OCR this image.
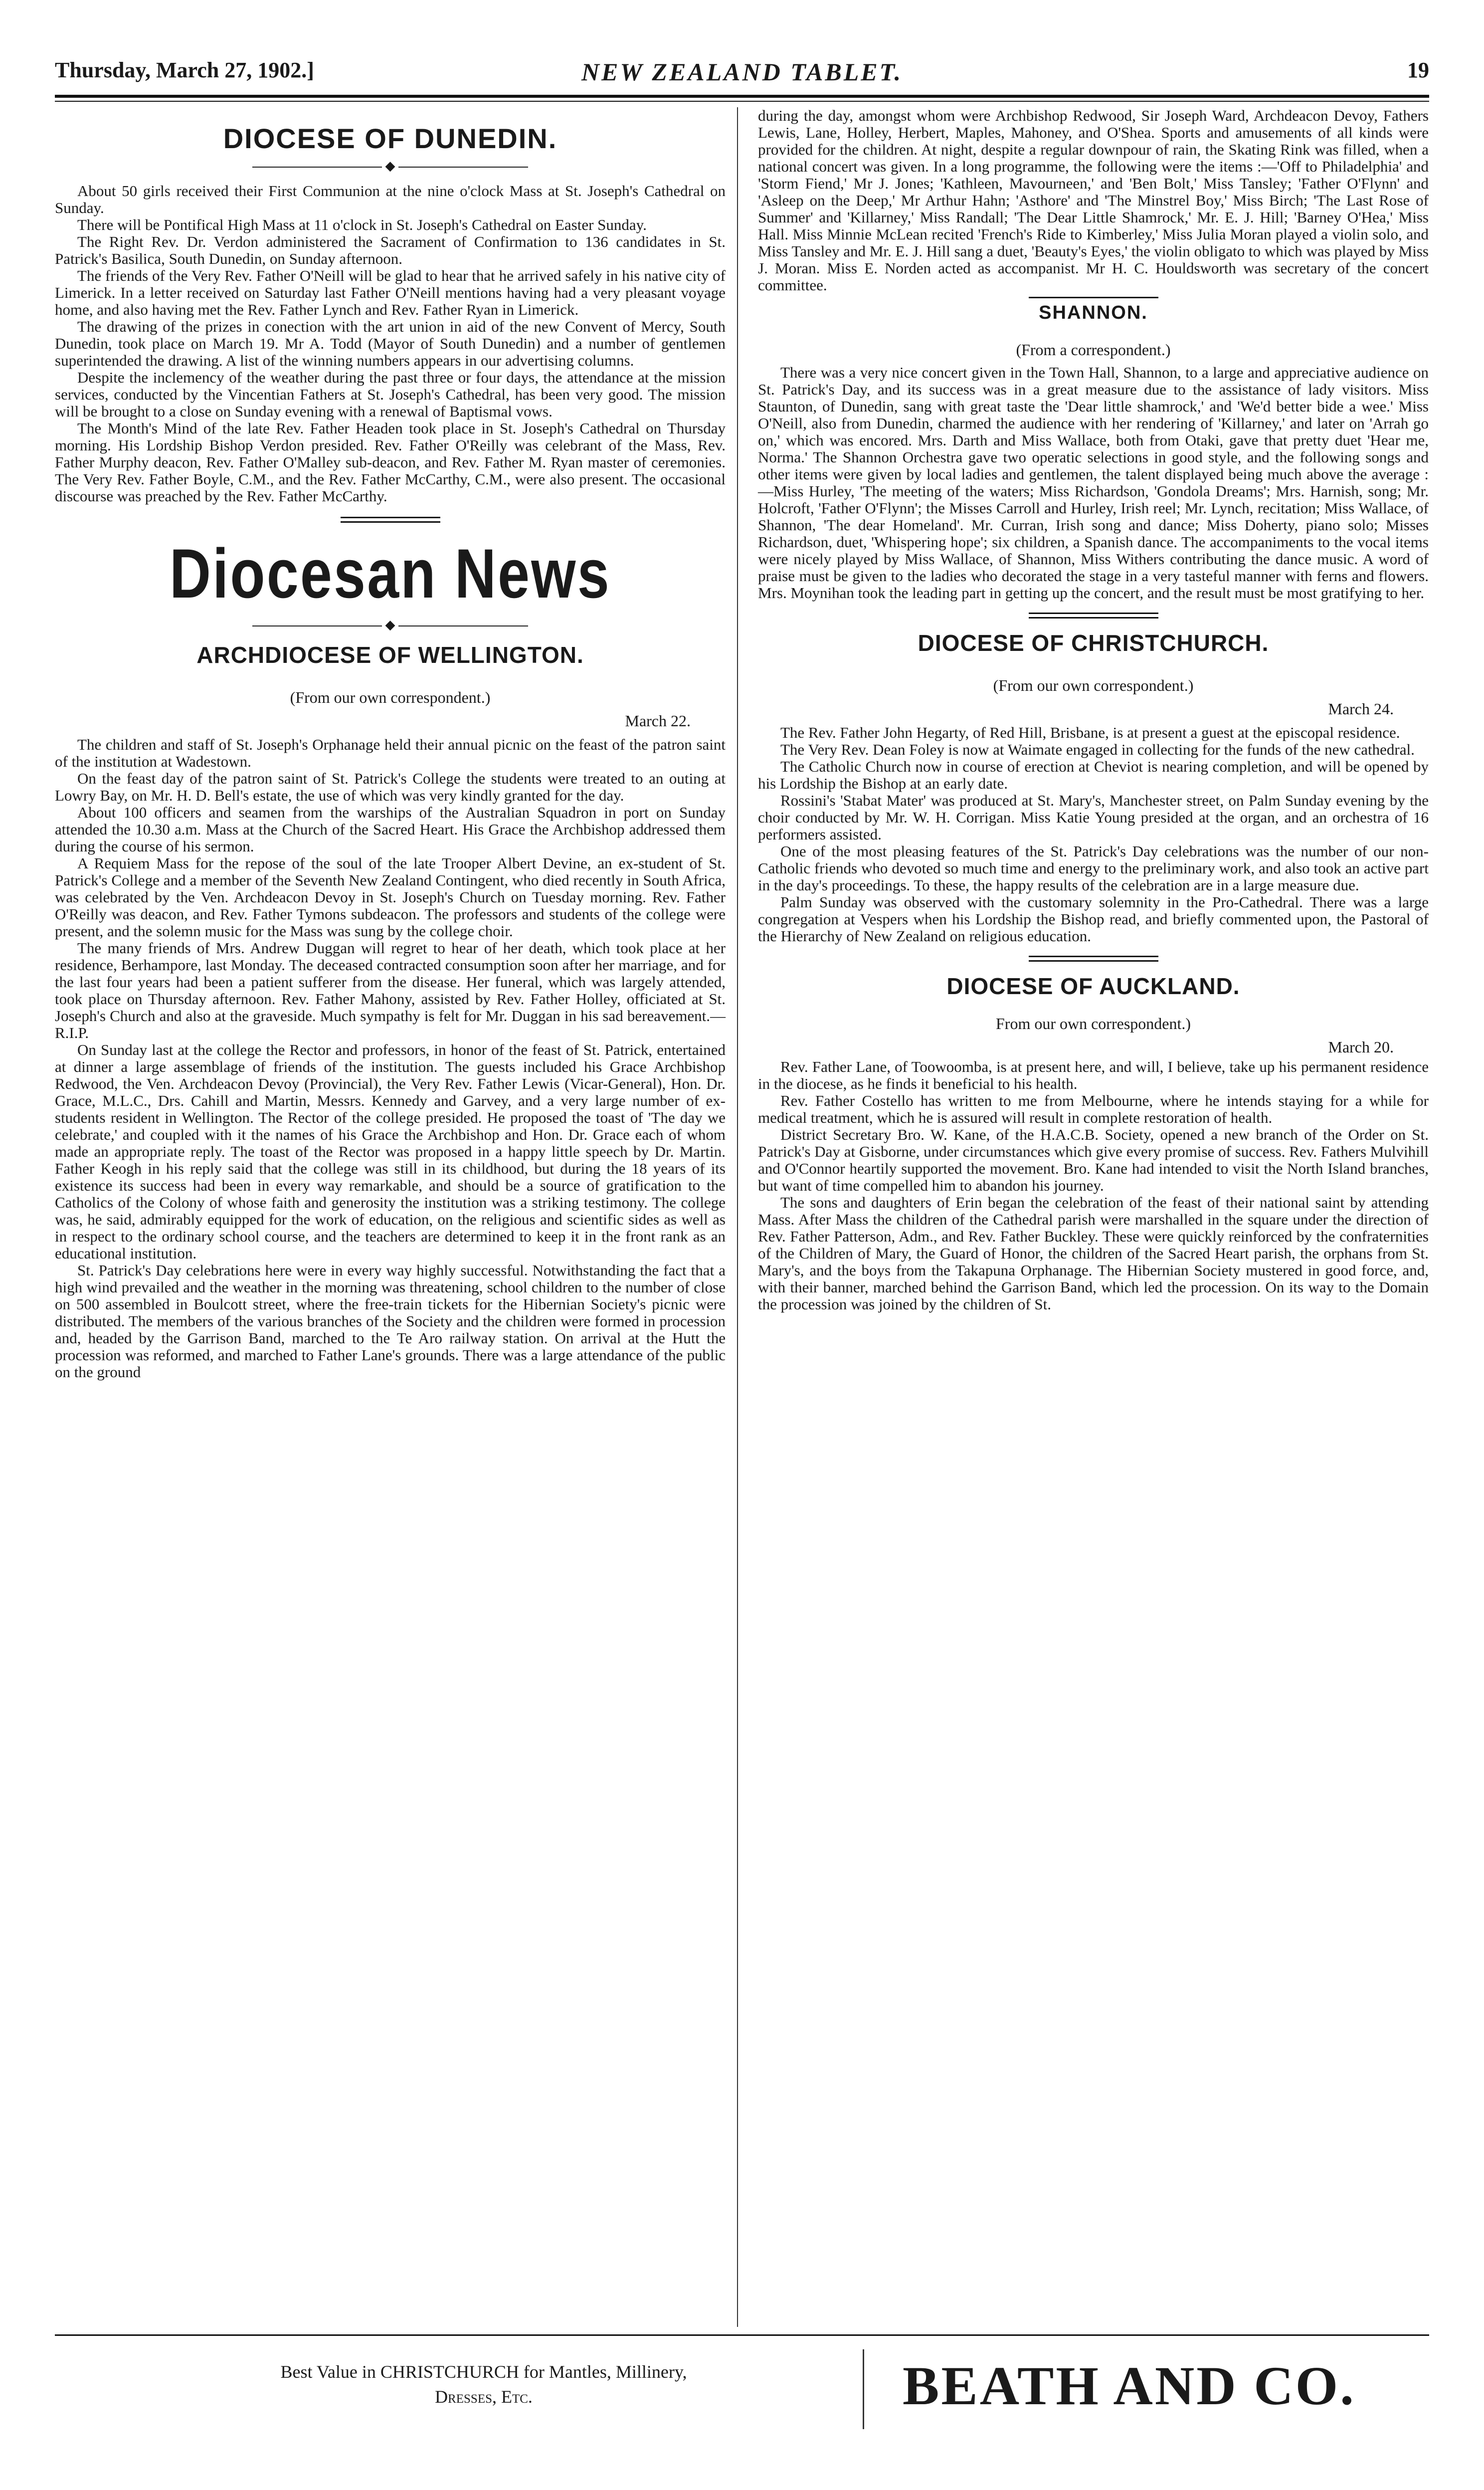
Thursday, March 27, 1902.]	NEW ZEALAND TABLET.	19
DIOCESE OF DUNEDIN.
◆

About 50 girls received their First Communion at the nine o'clock Mass at St. Joseph's Cathedral on Sunday.

There will be Pontifical High Mass at 11 o'clock in St. Joseph's Cathedral on Easter Sunday.

The Right Rev. Dr. Verdon administered the Sacrament of Confirmation to 136 candidates in St. Patrick's Basilica, South Dunedin, on Sunday afternoon.

The friends of the Very Rev. Father O'Neill will be glad to hear that he arrived safely in his native city of Limerick. In a letter received on Saturday last Father O'Neill mentions having had a very pleasant voyage home, and also having met the Rev. Father Lynch and Rev. Father Ryan in Limerick.

The drawing of the prizes in conection with the art union in aid of the new Convent of Mercy, South Dunedin, took place on March 19. Mr A. Todd (Mayor of South Dunedin) and a number of gentlemen superintended the drawing. A list of the winning numbers appears in our advertising columns.

Despite the inclemency of the weather during the past three or four days, the attendance at the mission services, conducted by the Vincentian Fathers at St. Joseph's Cathedral, has been very good. The mission will be brought to a close on Sunday evening with a renewal of Baptismal vows.

The Month's Mind of the late Rev. Father Headen took place in St. Joseph's Cathedral on Thursday morning. His Lordship Bishop Verdon presided. Rev. Father O'Reilly was celebrant of the Mass, Rev. Father Murphy deacon, Rev. Father O'Malley sub-deacon, and Rev. Father M. Ryan master of ceremonies. The Very Rev. Father Boyle, C.M., and the Rev. Father McCarthy, C.M., were also present. The occasional discourse was preached by the Rev. Father McCarthy.

Diocesan News
◆
ARCHDIOCESE OF WELLINGTON.
(From our own correspondent.)
March 22.

The children and staff of St. Joseph's Orphanage held their annual picnic on the feast of the patron saint of the institution at Wadestown.

On the feast day of the patron saint of St. Patrick's College the students were treated to an outing at Lowry Bay, on Mr. H. D. Bell's estate, the use of which was very kindly granted for the day.

About 100 officers and seamen from the warships of the Australian Squadron in port on Sunday attended the 10.30 a.m. Mass at the Church of the Sacred Heart. His Grace the Archbishop addressed them during the course of his sermon.

A Requiem Mass for the repose of the soul of the late Trooper Albert Devine, an ex-student of St. Patrick's College and a member of the Seventh New Zealand Contingent, who died recently in South Africa, was celebrated by the Ven. Archdeacon Devoy in St. Joseph's Church on Tuesday morning. Rev. Father O'Reilly was deacon, and Rev. Father Tymons subdeacon. The professors and students of the college were present, and the solemn music for the Mass was sung by the college choir.

The many friends of Mrs. Andrew Duggan will regret to hear of her death, which took place at her residence, Berhampore, last Monday. The deceased contracted consumption soon after her marriage, and for the last four years had been a patient sufferer from the disease. Her funeral, which was largely attended, took place on Thursday afternoon. Rev. Father Mahony, assisted by Rev. Father Holley, officiated at St. Joseph's Church and also at the graveside. Much sympathy is felt for Mr. Duggan in his sad bereavement.—R.I.P.

On Sunday last at the college the Rector and professors, in honor of the feast of St. Patrick, entertained at dinner a large assemblage of friends of the institution. The guests included his Grace Archbishop Redwood, the Ven. Archdeacon Devoy (Provincial), the Very Rev. Father Lewis (Vicar-General), Hon. Dr. Grace, M.L.C., Drs. Cahill and Martin, Messrs. Kennedy and Garvey, and a very large number of ex-students resident in Wellington. The Rector of the college presided. He proposed the toast of 'The day we celebrate,' and coupled with it the names of his Grace the Archbishop and Hon. Dr. Grace each of whom made an appropriate reply. The toast of the Rector was proposed in a happy little speech by Dr. Martin. Father Keogh in his reply said that the college was still in its childhood, but during the 18 years of its existence its success had been in every way remarkable, and should be a source of gratification to the Catholics of the Colony of whose faith and generosity the institution was a striking testimony. The college was, he said, admirably equipped for the work of education, on the religious and scientific sides as well as in respect to the ordinary school course, and the teachers are determined to keep it in the front rank as an educational institution.

St. Patrick's Day celebrations here were in every way highly successful. Notwithstanding the fact that a high wind prevailed and the weather in the morning was threatening, school children to the number of close on 500 assembled in Boulcott street, where the free-train tickets for the Hibernian Society's picnic were distributed. The members of the various branches of the Society and the children were formed in procession and, headed by the Garrison Band, marched to the Te Aro railway station. On arrival at the Hutt the procession was reformed, and marched to Father Lane's grounds. There was a large attendance of the public on the ground

during the day, amongst whom were Archbishop Redwood, Sir Joseph Ward, Archdeacon Devoy, Fathers Lewis, Lane, Holley, Herbert, Maples, Mahoney, and O'Shea. Sports and amusements of all kinds were provided for the children. At night, despite a regular downpour of rain, the Skating Rink was filled, when a national concert was given. In a long programme, the following were the items :—'Off to Philadelphia' and 'Storm Fiend,' Mr J. Jones; 'Kathleen, Mavourneen,' and 'Ben Bolt,' Miss Tansley; 'Father O'Flynn' and 'Asleep on the Deep,' Mr Arthur Hahn; 'Asthore' and 'The Minstrel Boy,' Miss Birch; 'The Last Rose of Summer' and 'Killarney,' Miss Randall; 'The Dear Little Shamrock,' Mr. E. J. Hill; 'Barney O'Hea,' Miss Hall. Miss Minnie McLean recited 'French's Ride to Kimberley,' Miss Julia Moran played a violin solo, and Miss Tansley and Mr. E. J. Hill sang a duet, 'Beauty's Eyes,' the violin obligato to which was played by Miss J. Moran. Miss E. Norden acted as accompanist. Mr H. C. Houldsworth was secretary of the concert committee.

SHANNON.
(From a correspondent.)

There was a very nice concert given in the Town Hall, Shannon, to a large and appreciative audience on St. Patrick's Day, and its success was in a great measure due to the assistance of lady visitors. Miss Staunton, of Dunedin, sang with great taste the 'Dear little shamrock,' and 'We'd better bide a wee.' Miss O'Neill, also from Dunedin, charmed the audience with her rendering of 'Killarney,' and later on 'Arrah go on,' which was encored. Mrs. Darth and Miss Wallace, both from Otaki, gave that pretty duet 'Hear me, Norma.' The Shannon Orchestra gave two operatic selections in good style, and the following songs and other items were given by local ladies and gentlemen, the talent displayed being much above the average :—Miss Hurley, 'The meeting of the waters; Miss Richardson, 'Gondola Dreams'; Mrs. Harnish, song; Mr. Holcroft, 'Father O'Flynn'; the Misses Carroll and Hurley, Irish reel; Mr. Lynch, recitation; Miss Wallace, of Shannon, 'The dear Homeland'. Mr. Curran, Irish song and dance; Miss Doherty, piano solo; Misses Richardson, duet, 'Whispering hope'; six children, a Spanish dance. The accompaniments to the vocal items were nicely played by Miss Wallace, of Shannon, Miss Withers contributing the dance music. A word of praise must be given to the ladies who decorated the stage in a very tasteful manner with ferns and flowers. Mrs. Moynihan took the leading part in getting up the concert, and the result must be most gratifying to her.

DIOCESE OF CHRISTCHURCH.
(From our own correspondent.)
March 24.

The Rev. Father John Hegarty, of Red Hill, Brisbane, is at present a guest at the episcopal residence.

The Very Rev. Dean Foley is now at Waimate engaged in collecting for the funds of the new cathedral.

The Catholic Church now in course of erection at Cheviot is nearing completion, and will be opened by his Lordship the Bishop at an early date.

Rossini's 'Stabat Mater' was produced at St. Mary's, Manchester street, on Palm Sunday evening by the choir conducted by Mr. W. H. Corrigan. Miss Katie Young presided at the organ, and an orchestra of 16 performers assisted.

One of the most pleasing features of the St. Patrick's Day celebrations was the number of our non-Catholic friends who devoted so much time and energy to the preliminary work, and also took an active part in the day's proceedings. To these, the happy results of the celebration are in a large measure due.

Palm Sunday was observed with the customary solemnity in the Pro-Cathedral. There was a large congregation at Vespers when his Lordship the Bishop read, and briefly commented upon, the Pastoral of the Hierarchy of New Zealand on religious education.

DIOCESE OF AUCKLAND.
From our own correspondent.)
March 20.

Rev. Father Lane, of Toowoomba, is at present here, and will, I believe, take up his permanent residence in the diocese, as he finds it beneficial to his health.

Rev. Father Costello has written to me from Melbourne, where he intends staying for a while for medical treatment, which he is assured will result in complete restoration of health.

District Secretary Bro. W. Kane, of the H.A.C.B. Society, opened a new branch of the Order on St. Patrick's Day at Gisborne, under circumstances which give every promise of success. Rev. Fathers Mulvihill and O'Connor heartily supported the movement. Bro. Kane had intended to visit the North Island branches, but want of time compelled him to abandon his journey.

The sons and daughters of Erin began the celebration of the feast of their national saint by attending Mass. After Mass the children of the Cathedral parish were marshalled in the square under the direction of Rev. Father Patterson, Adm., and Rev. Father Buckley. These were quickly reinforced by the confraternities of the Children of Mary, the Guard of Honor, the children of the Sacred Heart parish, the orphans from St. Mary's, and the boys from the Takapuna Orphanage. The Hibernian Society mustered in good force, and, with their banner, marched behind the Garrison Band, which led the procession. On its way to the Domain the procession was joined by the children of St.

Best Value in CHRISTCHURCH for Mantles, Millinery,
Dresses, Etc.	BEATH AND CO.
